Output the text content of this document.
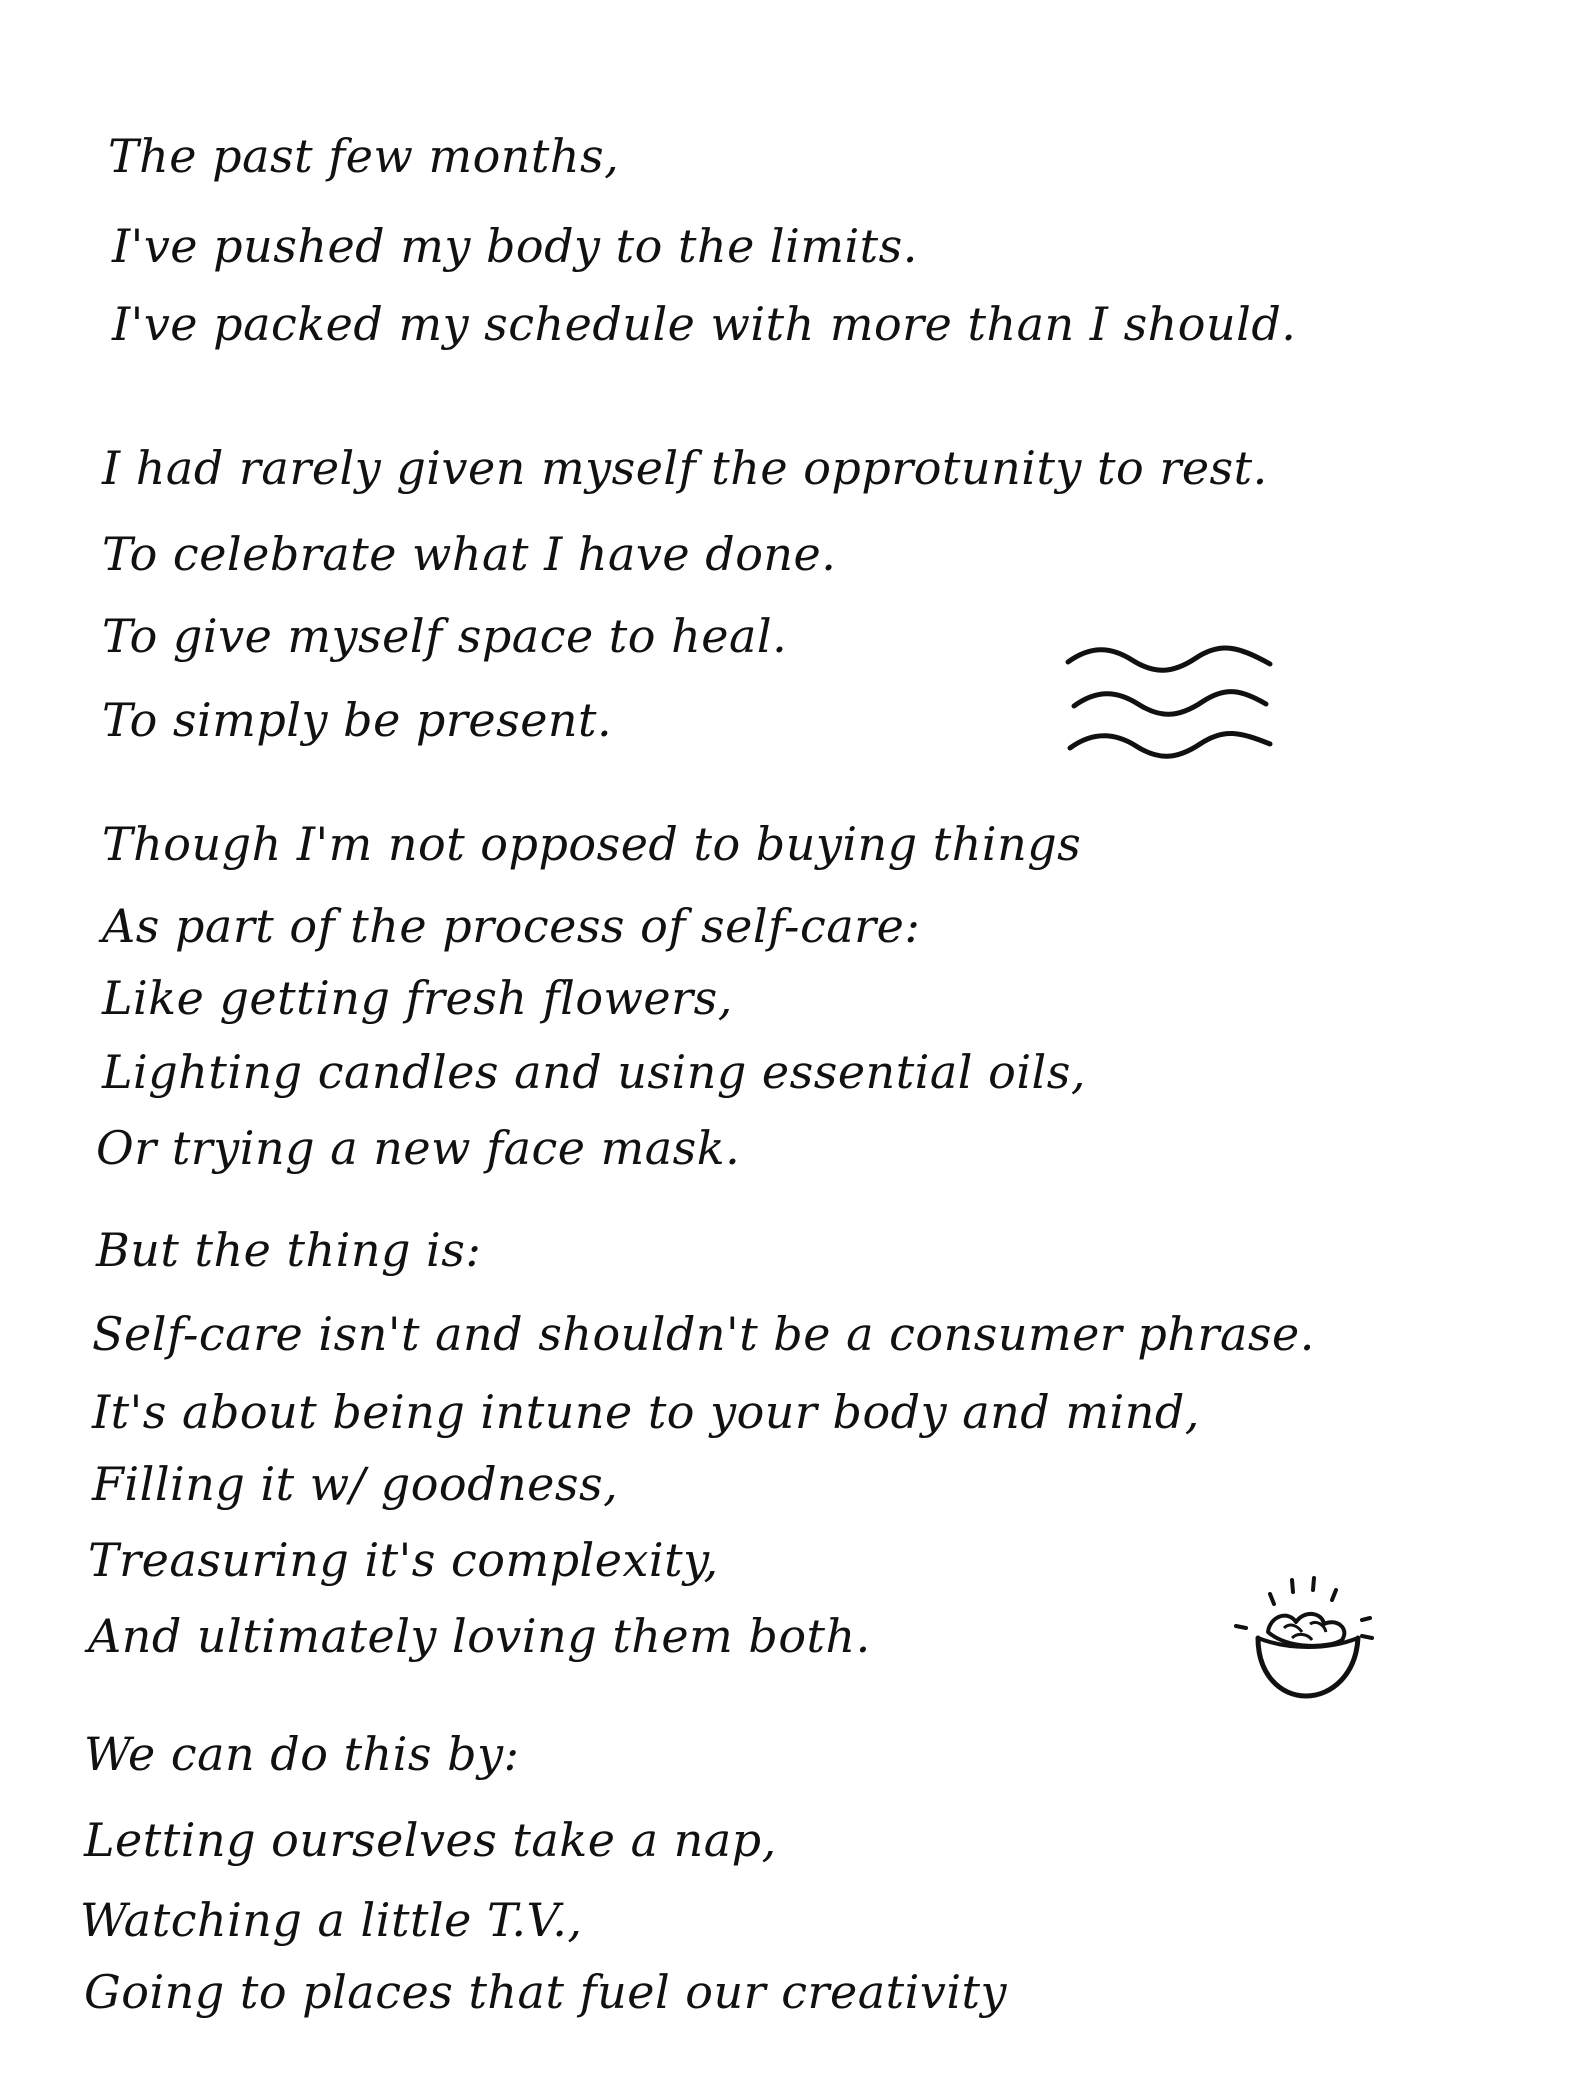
The past few months,
I've pushed my body to the limits.
I've packed my schedule with more than I should.
I had rarely given myself the opprotunity to rest.
To celebrate what I have done.
To give myself space to heal.
To simply be present.
Though I'm not opposed to buying things
As part of the process of self-care:
Like getting fresh flowers,
Lighting candles and using essential oils,
Or trying a new face mask.
But the thing is:
Self-care isn't and shouldn't be a consumer phrase.
It's about being intune to your body and mind,
Filling it w/ goodness,
Treasuring it's complexity,
And ultimately loving them both.
We can do this by:
Letting ourselves take a nap,
Watching a little T.V.,
Going to places that fuel our creativity
